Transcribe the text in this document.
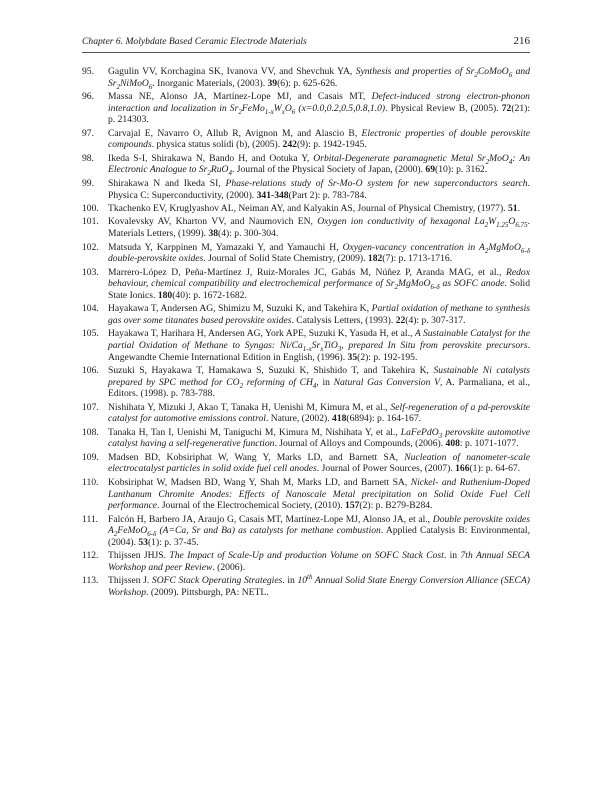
Chapter 6. Molybdate Based Ceramic Electrode Materials	216
95. Gagulin VV, Korchagina SK, Ivanova VV, and Shevchuk YA, Synthesis and properties of $Sr_2CoMoO_6$ and $Sr_2NiMoO_6$. Inorganic Materials, (2003). 39(6): p. 625-626.
96. Massa NE, Alonso JA, Martínez-Lope MJ, and Casais MT, Defect-induced strong electron-phonon interaction and localization in $Sr_2FeMo_{1-x}W_xO_6$ (x=0.0,0.2,0.5,0.8,1.0). Physical Review B, (2005). 72(21): p. 214303.
97. Carvajal E, Navarro O, Allub R, Avignon M, and Alascio B, Electronic properties of double perovskite compounds. physica status solidi (b), (2005). 242(9): p. 1942-1945.
98. Ikeda S-I, Shirakawa N, Bando H, and Ootuka Y, Orbital-Degenerate paramagnetic Metal $Sr_2MoO_4$: An Electronic Analogue to $Sr_2RuO_4$. Journal of the Physical Society of Japan, (2000). 69(10): p. 3162.
99. Shirakawa N and Ikeda SI, Phase-relations study of Sr-Mo-O system for new superconductors search. Physica C: Superconductivity, (2000). 341-348(Part 2): p. 783-784.
100. Tkachenko EV, Kruglyashov AL, Neiman AY, and Kalyakin AS, Journal of Physical Chemistry, (1977). 51.
101. Kovalevsky AV, Kharton VV, and Naumovich EN, Oxygen ion conductivity of hexagonal $La_2W_{1.25}O_{6.75}$. Materials Letters, (1999). 38(4): p. 300-304.
102. Matsuda Y, Karppinen M, Yamazaki Y, and Yamauchi H, Oxygen-vacancy concentration in $A_2MgMoO_{6-\delta}$ double-perovskite oxides. Journal of Solid State Chemistry, (2009). 182(7): p. 1713-1716.
103. Marrero-López D, Peña-Martínez J, Ruiz-Morales JC, Gabás M, Núñez P, Aranda MAG, et al., Redox behaviour, chemical compatibility and electrochemical performance of $Sr_2MgMoO_{6-\delta}$ as SOFC anode. Solid State Ionics. 180(40): p. 1672-1682.
104. Hayakawa T, Andersen AG, Shimizu M, Suzuki K, and Takehira K, Partial oxidation of methane to synthesis gas over some titanates based perovskite oxides. Catalysis Letters, (1993). 22(4): p. 307-317.
105. Hayakawa T, Harihara H, Andersen AG, York APE, Suzuki K, Yasuda H, et al., A Sustainable Catalyst for the partial Oxidation of Methane to Syngas: $Ni/Ca_{1-x}Sr_xTiO_3$, prepared In Situ from perovskite precursors. Angewandte Chemie International Edition in English, (1996). 35(2): p. 192-195.
106. Suzuki S, Hayakawa T, Hamakawa S, Suzuki K, Shishido T, and Takehira K, Sustainable Ni catalysts prepared by SPC method for $CO_2$ reforming of $CH_4$, in Natural Gas Conversion V, A. Parmaliana, et al., Editors. (1998). p. 783-788.
107. Nishihata Y, Mizuki J, Akao T, Tanaka H, Uenishi M, Kimura M, et al., Self-regeneration of a pd-perovskite catalyst for automotive emissions control. Nature, (2002). 418(6894): p. 164-167.
108. Tanaka H, Tan I, Uenishi M, Taniguchi M, Kimura M, Nishihata Y, et al., LaFePdO$_3$ perovskite automotive catalyst having a self-regenerative function. Journal of Alloys and Compounds, (2006). 408: p. 1071-1077.
109. Madsen BD, Kobsiriphat W, Wang Y, Marks LD, and Barnett SA, Nucleation of nanometer-scale electrocatalyst particles in solid oxide fuel cell anodes. Journal of Power Sources, (2007). 166(1): p. 64-67.
110. Kobsiriphat W, Madsen BD, Wang Y, Shah M, Marks LD, and Barnett SA, Nickel- and Ruthenium-Doped Lanthanum Chromite Anodes: Effects of Nanoscale Metal precipitation on Solid Oxide Fuel Cell performance. Journal of the Electrochemical Society, (2010). 157(2): p. B279-B284.
111. Falcón H, Barbero JA, Araujo G, Casais MT, Martínez-Lope MJ, Alonso JA, et al., Double perovskite oxides $A_2FeMoO_{6-\delta}$ (A=Ca, Sr and Ba) as catalysts for methane combustion. Applied Catalysis B: Environmental, (2004). 53(1): p. 37-45.
112. Thijssen JHJS. The Impact of Scale-Up and production Volume on SOFC Stack Cost. in 7th Annual SECA Workshop and peer Review. (2006).
113. Thijssen J. SOFC Stack Operating Strategies. in 10th Annual Solid State Energy Conversion Alliance (SECA) Workshop. (2009). Pittsburgh, PA: NETL.
